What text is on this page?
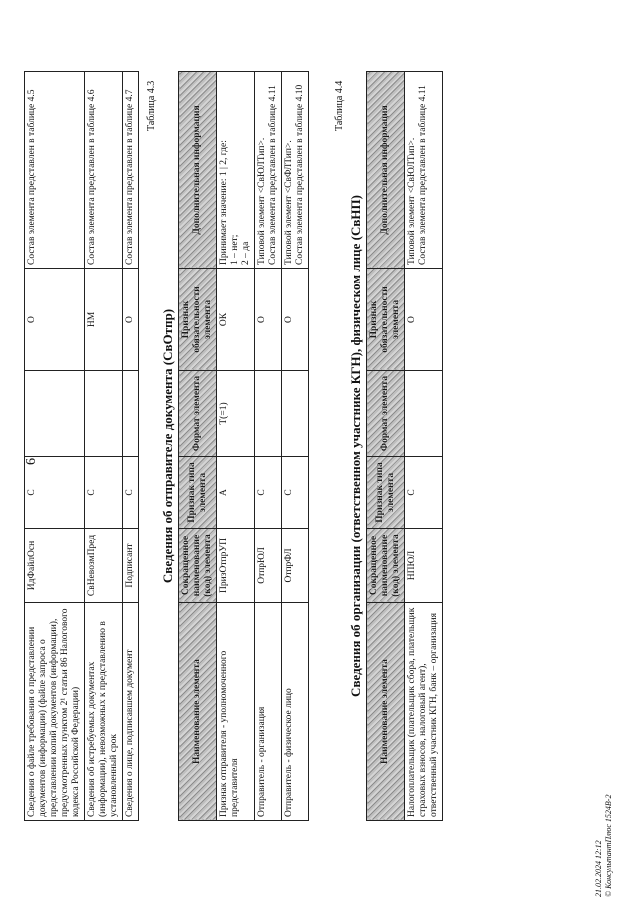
6
Сведения о файле требования о представлении документов (информации) (файле запроса о представлении копий документов (информации), предусмотренных пунктом 2¹ статьи 86 Налогового кодекса Российской Федерации)	ИдФайлОсн	С		О	Состав элемента представлен в таблице 4.5
Сведения об истребуемых документах (информации), невозможных к представлению в установленный срок	СвНевозмПред	С		НМ	Состав элемента представлен в таблице 4.6
Сведения о лице, подписавшем документ	Подписант	С		О	Состав элемента представлен в таблице 4.7 Таблица 4.3
Сведения об отправителе документа (СвОтпр)
Наименование элемента	Сокращенное наименование (код) элемента	Признак типа элемента	Формат элемента	Признак обязательности элемента	Дополнительная информация
Признак отправителя - уполномоченного представителя	ПризОтпрУП	А	Т(=1)	ОК	Принимает значение: 1 | 2, где:
1 – нет;
2 – да
Отправитель - организация	ОтпрЮЛ	С		О	Типовой элемент <СвЮЛТип>.
Состав элемента представлен в таблице 4.11
Отправитель - физическое лицо	ОтпрФЛ	С		О	Типовой элемент <СвФЛТип>.
Состав элемента представлен в таблице 4.10	Таблица 4.4
Сведения об организации (ответственном участнике КГН), физическом лице (СвНП)
Наименование элемента	Сокращенное наименование (код) элемента	Признак типа элемента	Формат элемента	Признак обязательности элемента	Дополнительная информация
Налогоплательщик (плательщик сбора, плательщик страховых взносов, налоговый агент), ответственный участник КГН, банк – организация	НПЮЛ	С		О	Типовой элемент <СвЮЛТип>.
Состав элемента представлен в таблице 4.11
21.02.2024 12:12 © КонсультантПлюс 1524B-2
